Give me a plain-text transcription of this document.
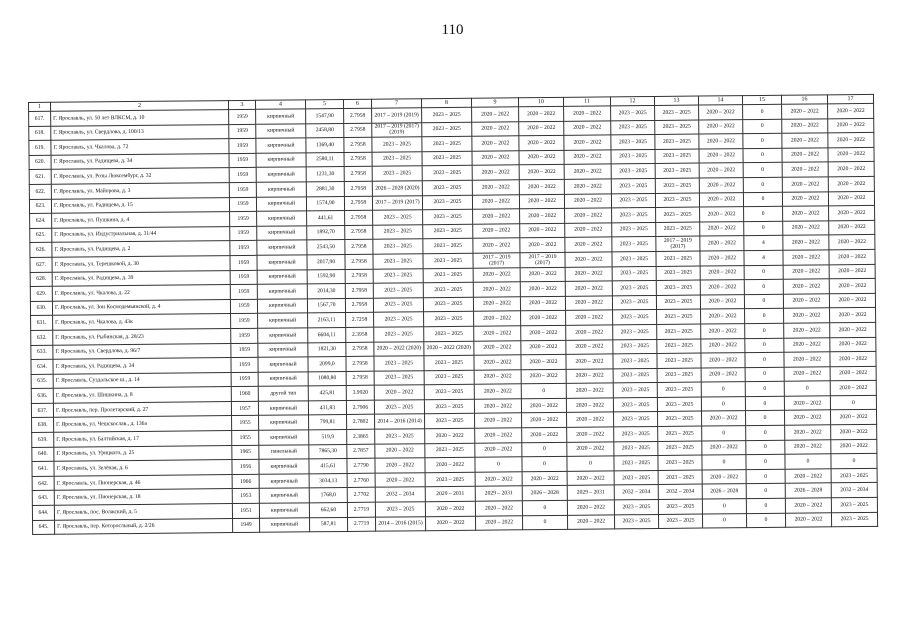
110
1	2	3	4	5	6	7	8	9	10	11	12	13	14	15	16	17
617.	Г. Ярославль, ул. 50 лет ВЛКСМ, д. 10	1959	кирпичный	1547,90	2.7958	2017 – 2019 (2019)	2023 – 2025	2020 – 2022	2020 – 2022	2020 – 2022	2023 – 2025	2023 – 2025	2020 – 2022	0	2020 – 2022	2020 – 2022
618.	Г. Ярославль, ул. Свердлова, д. 100/13	1959	кирпичный	2458,80	2.7958	2017 – 2019 (2017)(2019)	2023 – 2025	2020 – 2022	2020 – 2022	2020 – 2022	2023 – 2025	2023 – 2025	2020 – 2022	0	2020 – 2022	2020 – 2022
619.	Г. Ярославль, ул. Чкалова, д. 72	1959	кирпичный	1369,40	2.7958	2023 – 2025	2023 – 2025	2020 – 2022	2020 – 2022	2020 – 2022	2023 – 2025	2023 – 2025	2020 – 2022	0	2020 – 2022	2020 – 2022
620.	Г. Ярославль, ул. Радищева, д. 34	1959	кирпичный	2580,11	2.7958	2023 – 2025	2023 – 2025	2020 – 2022	2020 – 2022	2020 – 2022	2023 – 2025	2023 – 2025	2020 – 2022	0	2020 – 2022	2020 – 2022
621.	Г. Ярославль, ул. Розы Люксембург, д. 32	1959	кирпичный	1231,30	2.7958	2023 – 2025	2023 – 2025	2020 – 2022	2020 – 2022	2020 – 2022	2023 – 2025	2023 – 2025	2020 – 2022	0	2020 – 2022	2020 – 2022
622.	Г. Ярославль, ул. Майорова, д. 3	1959	кирпичный	2881,30	2.7958	2026 – 2028 (2020)	2023 – 2025	2020 – 2022	2020 – 2022	2020 – 2022	2023 – 2025	2023 – 2025	2020 – 2022	0	2020 – 2022	2020 – 2022
623.	Г. Ярославль, ул. Радищева, д. 15	1959	кирпичный	1574,90	2.7958	2017 – 2019 (2017)	2023 – 2025	2020 – 2022	2020 – 2022	2020 – 2022	2023 – 2025	2023 – 2025	2020 – 2022	0	2020 – 2022	2020 – 2022
624.	Г. Ярославль, ул. Пушкина, д. 4	1959	кирпичный	441,61	2.7958	2023 – 2025	2023 – 2025	2020 – 2022	2020 – 2022	2020 – 2022	2023 – 2025	2023 – 2025	2020 – 2022	0	2020 – 2022	2020 – 2022
625.	Г. Ярославль, ул. Индустриальная, д. 31/44	1959	кирпичный	1892,70	2.7958	2023 – 2025	2023 – 2025	2020 – 2022	2020 – 2022	2020 – 2022	2023 – 2025	2023 – 2025	2020 – 2022	0	2020 – 2022	2020 – 2022
626.	Г. Ярославль, ул. Радищева, д. 2	1959	кирпичный	2543,50	2.7958	2023 – 2025	2023 – 2025	2020 – 2022	2020 – 2022	2020 – 2022	2023 – 2025	2017 – 2019 (2017)	2020 – 2022	4	2020 – 2022	2020 – 2022
627.	Г. Ярославль, ул. Терешковой, д. 30	1959	кирпичный	2017,90	2.7958	2023 – 2025	2023 – 2025	2017 – 2019 (2017)	2017 – 2019 (2017)	2020 – 2022	2023 – 2025	2023 – 2025	2020 – 2022	4	2020 – 2022	2020 – 2022
628.	Г. Ярославль, ул. Радищева, д. 39	1959	кирпичный	1592,90	2.7958	2023 – 2025	2023 – 2025	2020 – 2022	2020 – 2022	2020 – 2022	2023 – 2025	2023 – 2025	2020 – 2022	0	2020 – 2022	2020 – 2022
629.	Г. Ярославль, ул. Чкалова, д. 22	1959	кирпичный	2014,30	2.7958	2023 – 2025	2023 – 2025	2020 – 2022	2020 – 2022	2020 – 2022	2023 – 2025	2023 – 2025	2020 – 2022	0	2020 – 2022	2020 – 2022
630.	Г. Ярославль, ул. Зои Космодемьянской, д. 4	1959	кирпичный	1567,70	2.7958	2023 – 2025	2023 – 2025	2020 – 2022	2020 – 2022	2020 – 2022	2023 – 2025	2023 – 2025	2020 – 2022	0	2020 – 2022	2020 – 2022
631.	Г. Ярославль, ул. Чкалова, д. 43к	1959	кирпичный	2163,11	2.7258	2023 – 2025	2023 – 2025	2020 – 2022	2020 – 2022	2020 – 2022	2023 – 2025	2023 – 2025	2020 – 2022	0	2020 – 2022	2020 – 2022
632.	Г. Ярославль, ул. Рыбинская, д. 28/23	1959	кирпичный	6604,11	2.3958	2023 – 2025	2023 – 2025	2020 – 2022	2020 – 2022	2020 – 2022	2023 – 2025	2023 – 2025	2020 – 2022	0	2020 – 2022	2020 – 2022
633.	Г. Ярославль, ул. Свердлова, д. 96/7	1959	кирпичный	1821,30	2.7958	2020 – 2022 (2020)	2020 – 2022 (2020)	2020 – 2022	2020 – 2022	2020 – 2022	2023 – 2025	2023 – 2025	2020 – 2022	0	2020 – 2022	2020 – 2022
634.	Г. Ярославль, ул. Радищева, д. 34	1959	кирпичный	2099,0	2.7958	2023 – 2025	2023 – 2025	2020 – 2022	2020 – 2022	2020 – 2022	2023 – 2025	2023 – 2025	2020 – 2022	0	2020 – 2022	2020 – 2022
635.	Г. Ярославль, Суздальское ш., д. 14	1959	кирпичный	1080,80	2.7958	2023 – 2025	2023 – 2025	2020 – 2022	2020 – 2022	2020 – 2022	2023 – 2025	2023 – 2025	2020 – 2022	0	2020 – 2022	2020 – 2022
636.	Г. Ярославль, ул. Шишкина, д. 8	1960	другой тип	425,81	3.9920	2020 – 2022	2023 – 2025	2020 – 2022	0	2020 – 2022	2023 – 2025	2023 – 2025	0	0	0	2020 – 2022
637.	Г. Ярославль, пер. Пролетарский, д. 27	1957	кирпичный	431,83	2.7906	2023 – 2025	2023 – 2025	2020 – 2022	2020 – 2022	2020 – 2022	2023 – 2025	2023 – 2025	0	0	2020 – 2022	0
638.	Г. Ярославль, ул. Чешскослав., д. 136а	1955	кирпичный	799,81	2.7802	2014 – 2016 (2014)	2023 – 2025	2020 – 2022	2020 – 2022	2020 – 2022	2023 – 2025	2023 – 2025	2020 – 2022	0	2020 – 2022	2020 – 2022
639.	Г. Ярославль, ул. Балтийская, д. 17	1955	кирпичный	519,9	2.3865	2023 – 2025	2020 – 2022	2020 – 2022	2020 – 2022	2020 – 2022	2023 – 2025	2023 – 2025	0	0	2020 – 2022	2020 – 2022
640.	Г. Ярославль, ул. Урицкого, д. 25	1965	панельный	7865,30	2.7857	2020 – 2022	2023 – 2025	2020 – 2022	0	2020 – 2022	2023 – 2025	2023 – 2025	2020 – 2022	0	2020 – 2022	2020 – 2022
641.	Г. Ярославль, ул. Зелёная, д. 6	1956	кирпичный	415,61	2.7790	2020 – 2022	2020 – 2022	0	0	0	2023 – 2025	2023 – 2025	0	0	0	0
642.	Г. Ярославль, ул. Пионерская, д. 46	1966	кирпичный	3034,13	2.7760	2020 – 2022	2023 – 2025	2020 – 2022	2020 – 2022	2020 – 2022	2023 – 2025	2023 – 2025	2020 – 2022	0	2020 – 2022	2023 – 2025
643.	Г. Ярославль, ул. Пионерская, д. 18	1953	кирпичный	1768,0	2.7702	2032 – 2034	2029 – 2031	2029 – 2031	2026 – 2028	2029 – 2031	2032 – 2034	2032 – 2034	2026 – 2028	0	2026 – 2028	2032 – 2034
644.	Г. Ярославль, пос. Волжский, д. 5	1951	кирпичный	662,60	2.7719	2023 – 2025	2020 – 2022	2020 – 2022	0	2020 – 2022	2023 – 2025	2023 – 2025	0	0	2020 – 2022	2023 – 2025
645.	Г. Ярославль, пер. Которосльный, д. 2/26	1949	кирпичный	587,81	2.7719	2014 – 2016 (2015)	2020 – 2022	2020 – 2022	0	2020 – 2022	2023 – 2025	2023 – 2025	0	0	2020 – 2022	2023 – 2025
